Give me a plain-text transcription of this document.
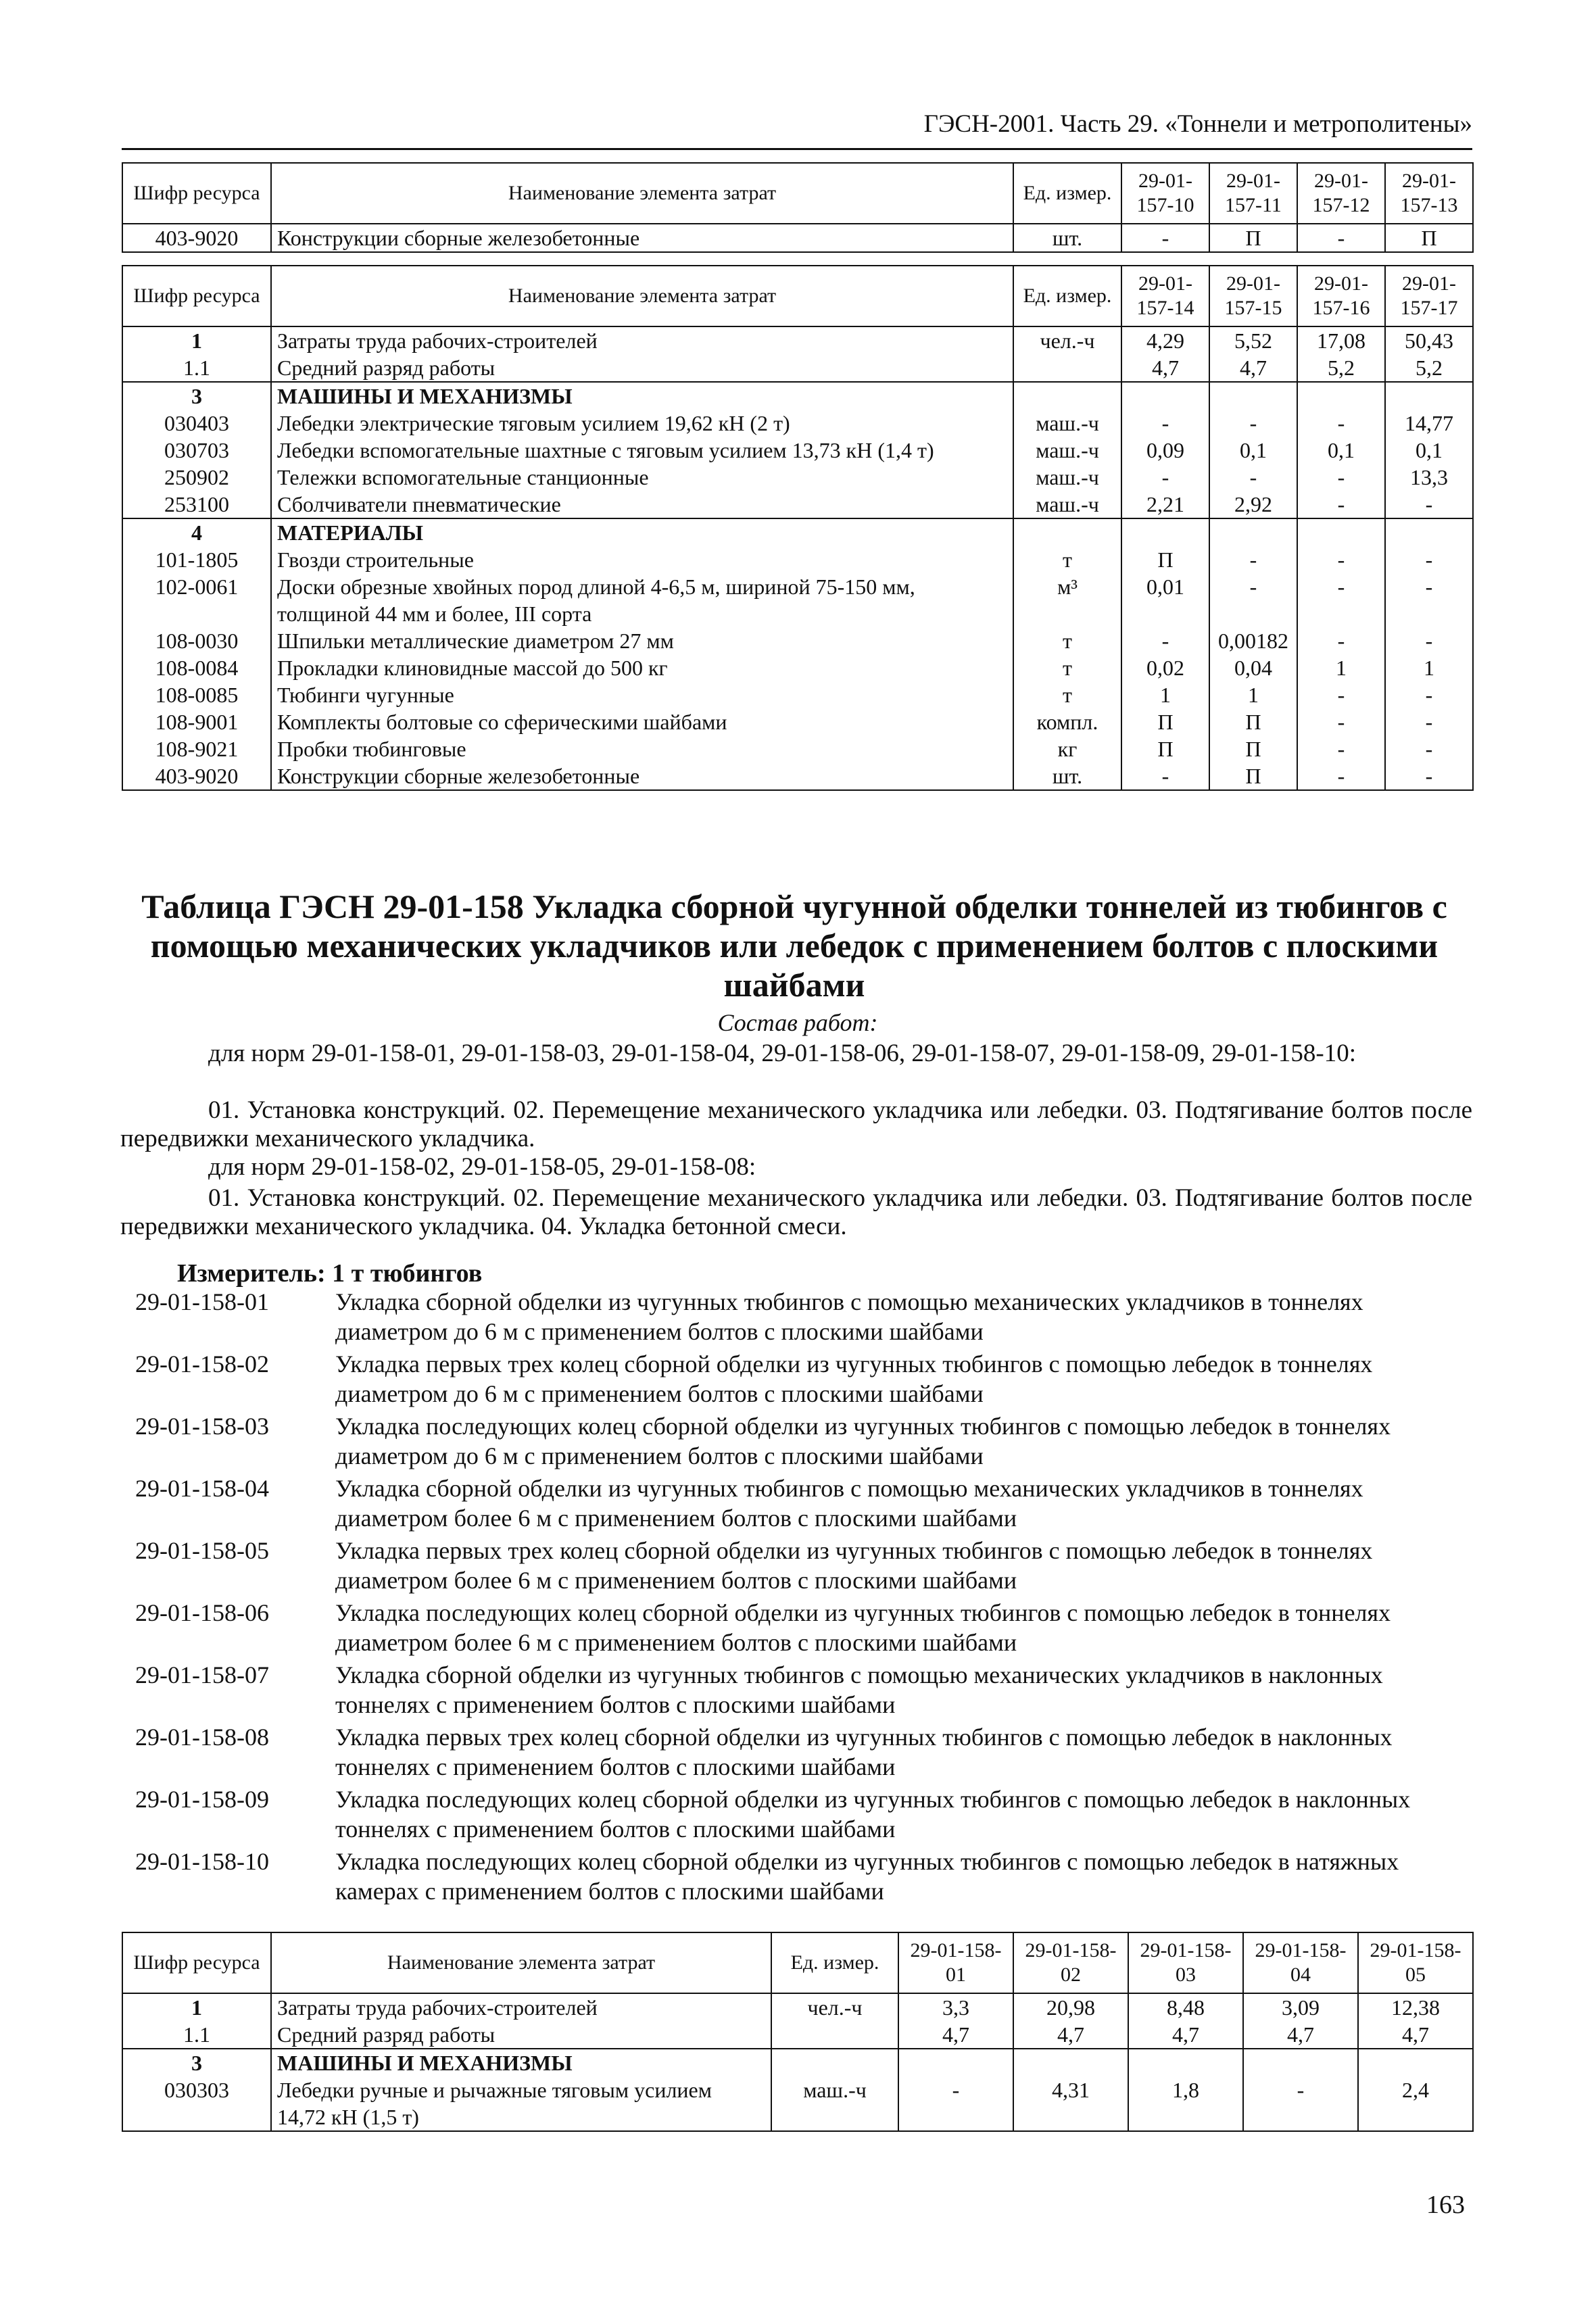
ГЭСН-2001. Часть 29. «Тоннели и метрополитены»
Шифр ресурса	Наименование элемента затрат	Ед. измер.	29-01-157-10	29-01-157-11	29-01-157-12	29-01-157-13
403-9020	Конструкции сборные железобетонные	шт.	-	П	-	П
Шифр ресурса	Наименование элемента затрат	Ед. измер.	29-01-157-14	29-01-157-15	29-01-157-16	29-01-157-17
1	Затраты труда рабочих-строителей	чел.-ч	4,29	5,52	17,08	50,43
1.1	Средний разряд работы		4,7	4,7	5,2	5,2
3	МАШИНЫ И МЕХАНИЗМЫ					
030403	Лебедки электрические тяговым усилием 19,62 кН (2 т)	маш.-ч	-	-	-	14,77
030703	Лебедки вспомогательные шахтные с тяговым усилием 13,73 кН (1,4 т)	маш.-ч	0,09	0,1	0,1	0,1
250902	Тележки вспомогательные станционные	маш.-ч	-	-	-	13,3
253100	Сболчиватели пневматические	маш.-ч	2,21	2,92	-	-
4	МАТЕРИАЛЫ					
101-1805	Гвозди строительные	т	П	-	-	-
102-0061	Доски обрезные хвойных пород длиной 4-6,5 м, шириной 75-150 мм, толщиной 44 мм и более, III сорта	м³	0,01	-	-	-
108-0030	Шпильки металлические диаметром 27 мм	т	-	0,00182	-	-
108-0084	Прокладки клиновидные массой до 500 кг	т	0,02	0,04	1	1
108-0085	Тюбинги чугунные	т	1	1	-	-
108-9001	Комплекты болтовые со сферическими шайбами	компл.	П	П	-	-
108-9021	Пробки тюбинговые	кг	П	П	-	-
403-9020	Конструкции сборные железобетонные	шт.	-	П	-	-
Таблица ГЭСН 29-01-158 Укладка сборной чугунной обделки тоннелей из тюбингов с помощью механических укладчиков или лебедок с применением болтов с плоскими шайбами
Состав работ:
для норм 29-01-158-01, 29-01-158-03, 29-01-158-04, 29-01-158-06, 29-01-158-07, 29-01-158-09, 29-01-158-10:
01. Установка конструкций. 02. Перемещение механического укладчика или лебедки. 03. Подтягивание болтов после передвижки механического укладчика.
для норм 29-01-158-02, 29-01-158-05, 29-01-158-08:
01. Установка конструкций. 02. Перемещение механического укладчика или лебедки. 03. Подтягивание болтов после передвижки механического укладчика. 04. Укладка бетонной смеси.
Измеритель: 1 т тюбингов
29-01-158-01	Укладка сборной обделки из чугунных тюбингов с помощью механических укладчиков в тоннелях диаметром до 6 м с применением болтов с плоскими шайбами
29-01-158-02	Укладка первых трех колец сборной обделки из чугунных тюбингов с помощью лебедок в тоннелях диаметром до 6 м с применением болтов с плоскими шайбами
29-01-158-03	Укладка последующих колец сборной обделки из чугунных тюбингов с помощью лебедок в тоннелях диаметром до 6 м с применением болтов с плоскими шайбами
29-01-158-04	Укладка сборной обделки из чугунных тюбингов с помощью механических укладчиков в тоннелях диаметром более 6 м с применением болтов с плоскими шайбами
29-01-158-05	Укладка первых трех колец сборной обделки из чугунных тюбингов с помощью лебедок в тоннелях диаметром более 6 м с применением болтов с плоскими шайбами
29-01-158-06	Укладка последующих колец сборной обделки из чугунных тюбингов с помощью лебедок в тоннелях диаметром более 6 м с применением болтов с плоскими шайбами
29-01-158-07	Укладка сборной обделки из чугунных тюбингов с помощью механических укладчиков в наклонных тоннелях с применением болтов с плоскими шайбами
29-01-158-08	Укладка первых трех колец сборной обделки из чугунных тюбингов с помощью лебедок в наклонных тоннелях с применением болтов с плоскими шайбами
29-01-158-09	Укладка последующих колец сборной обделки из чугунных тюбингов с помощью лебедок в наклонных тоннелях с применением болтов с плоскими шайбами
29-01-158-10	Укладка последующих колец сборной обделки из чугунных тюбингов с помощью лебедок в натяжных камерах с применением болтов с плоскими шайбами
Шифр ресурса	Наименование элемента затрат	Ед. измер.	29-01-158-01	29-01-158-02	29-01-158-03	29-01-158-04	29-01-158-05
1	Затраты труда рабочих-строителей	чел.-ч	3,3	20,98	8,48	3,09	12,38
1.1	Средний разряд работы		4,7	4,7	4,7	4,7	4,7
3	МАШИНЫ И МЕХАНИЗМЫ						
030303	Лебедки ручные и рычажные тяговым усилием 14,72 кН (1,5 т)	маш.-ч	-	4,31	1,8	-	2,4
163
